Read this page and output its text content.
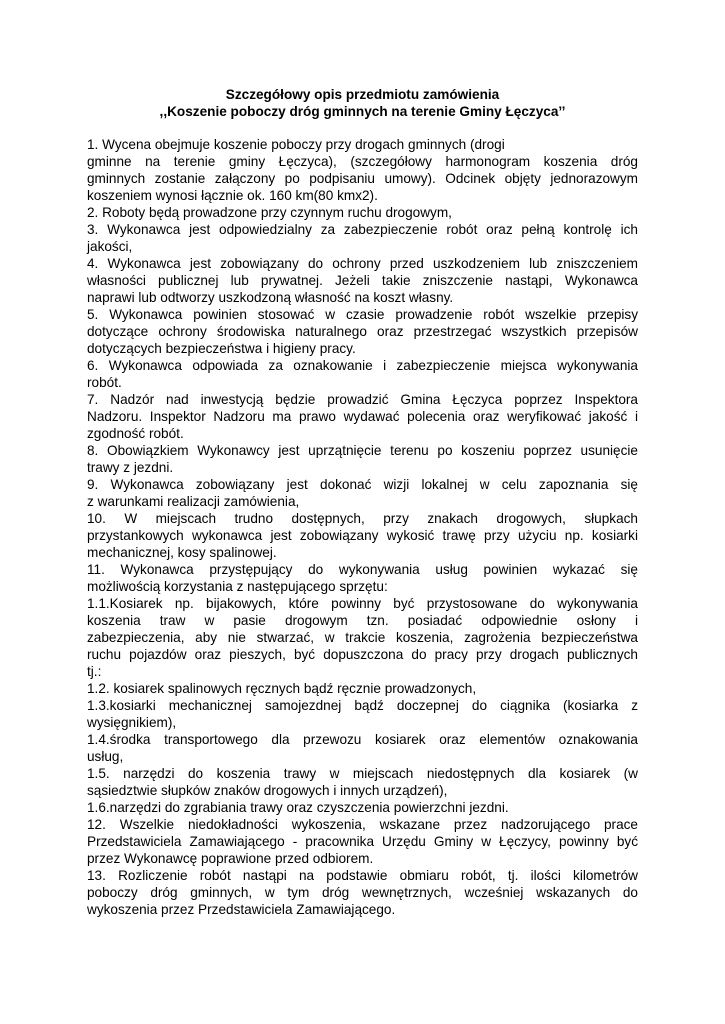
Szczegółowy opis przedmiotu zamówienia
,,Koszenie poboczy dróg gminnych na terenie Gminy Łęczyca’’
1. Wycena obejmuje koszenie poboczy przy drogach gminnych (drogi
gminne na terenie gminy Łęczyca), (szczegółowy harmonogram koszenia dróg
gminnych zostanie załączony po podpisaniu umowy). Odcinek objęty jednorazowym
koszeniem wynosi łącznie ok. 160 km(80 kmx2).
2. Roboty będą prowadzone przy czynnym ruchu drogowym,
3. Wykonawca jest odpowiedzialny za zabezpieczenie robót oraz pełną kontrolę ich
jakości,
4. Wykonawca jest zobowiązany do ochrony przed uszkodzeniem lub zniszczeniem
własności publicznej lub prywatnej. Jeżeli takie zniszczenie nastąpi, Wykonawca
naprawi lub odtworzy uszkodzoną własność na koszt własny.
5. Wykonawca powinien stosować w czasie prowadzenie robót wszelkie przepisy
dotyczące ochrony środowiska naturalnego oraz przestrzegać wszystkich przepisów
dotyczących bezpieczeństwa i higieny pracy.
6. Wykonawca odpowiada za oznakowanie i zabezpieczenie miejsca wykonywania
robót.
7. Nadzór nad inwestycją będzie prowadzić Gmina Łęczyca poprzez Inspektora
Nadzoru. Inspektor Nadzoru ma prawo wydawać polecenia oraz weryfikować jakość i
zgodność robót.
8. Obowiązkiem Wykonawcy jest uprzątnięcie terenu po koszeniu poprzez usunięcie
trawy z jezdni.
9. Wykonawca zobowiązany jest dokonać wizji lokalnej w celu zapoznania się
z warunkami realizacji zamówienia,
10. W miejscach trudno dostępnych, przy znakach drogowych, słupkach
przystankowych wykonawca jest zobowiązany wykosić trawę przy użyciu np. kosiarki
mechanicznej, kosy spalinowej.
11. Wykonawca przystępujący do wykonywania usług powinien wykazać się
możliwością korzystania z następującego sprzętu:
1.1.Kosiarek np. bijakowych, które powinny być przystosowane do wykonywania
koszenia traw w pasie drogowym tzn. posiadać odpowiednie osłony i
zabezpieczenia, aby nie stwarzać, w trakcie koszenia, zagrożenia bezpieczeństwa
ruchu pojazdów oraz pieszych, być dopuszczona do pracy przy drogach publicznych
tj.:
1.2. kosiarek spalinowych ręcznych bądź ręcznie prowadzonych,
1.3.kosiarki mechanicznej samojezdnej bądź doczepnej do ciągnika (kosiarka z
wysięgnikiem),
1.4.środka transportowego dla przewozu kosiarek oraz elementów oznakowania
usług,
1.5. narzędzi do koszenia trawy w miejscach niedostępnych dla kosiarek (w
sąsiedztwie słupków znaków drogowych i innych urządzeń),
1.6.narzędzi do zgrabiania trawy oraz czyszczenia powierzchni jezdni.
12. Wszelkie niedokładności wykoszenia, wskazane przez nadzorującego prace
Przedstawiciela Zamawiającego - pracownika Urzędu Gminy w Łęczycy, powinny być
przez Wykonawcę poprawione przed odbiorem.
13. Rozliczenie robót nastąpi na podstawie obmiaru robót, tj. ilości kilometrów
poboczy dróg gminnych, w tym dróg wewnętrznych, wcześniej wskazanych do
wykoszenia przez Przedstawiciela Zamawiającego.
